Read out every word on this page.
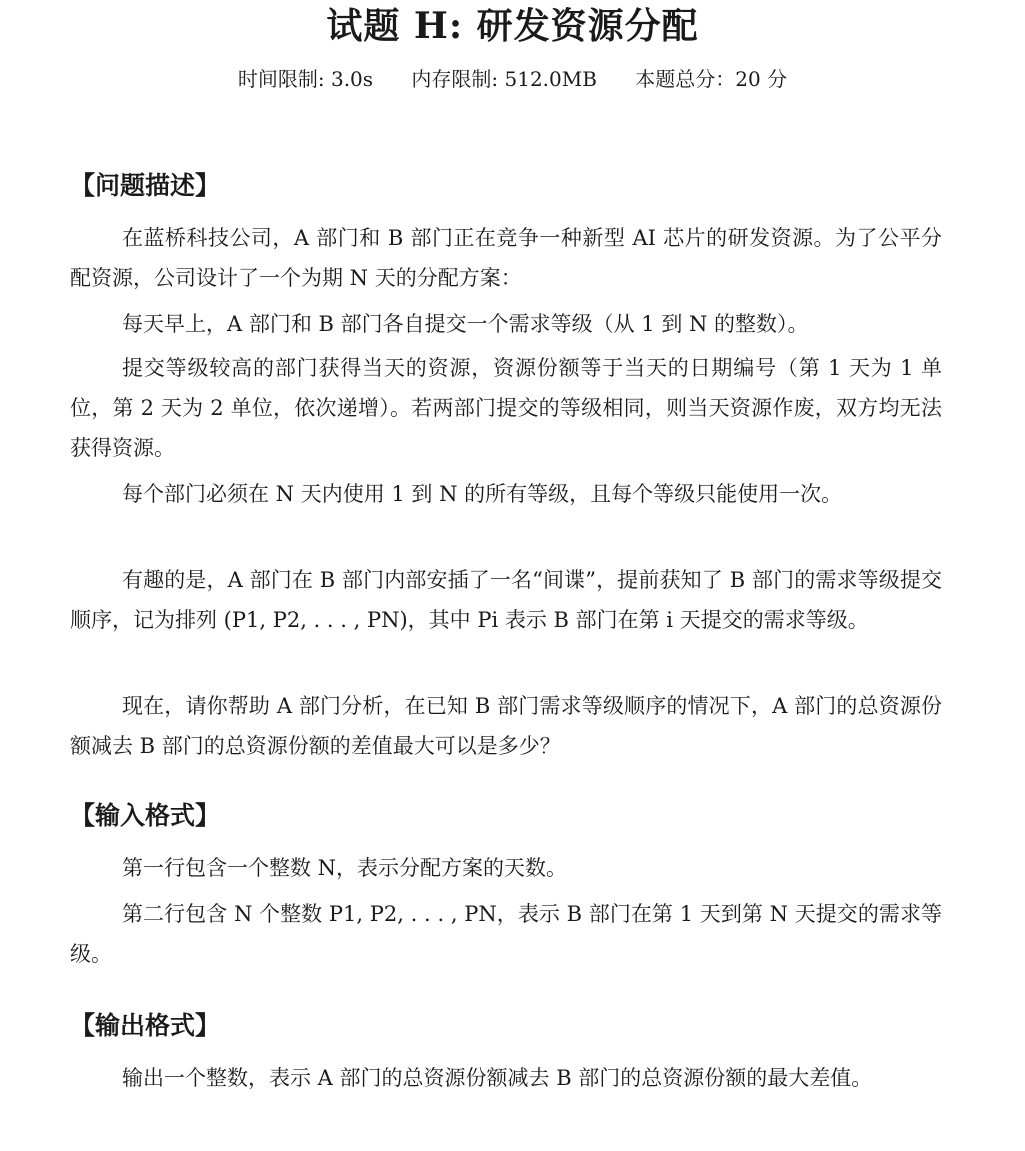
试题 H: 研发资源分配
时间限制: 3.0s 内存限制: 512.0MB 本题总分：20 分
【问题描述】
在蓝桥科技公司，A 部门和 B 部门正在竞争一种新型 AI 芯片的研发资源。为了公平分配资源，公司设计了一个为期 N 天的分配方案：
每天早上，A 部门和 B 部门各自提交一个需求等级（从 1 到 N 的整数）。
提交等级较高的部门获得当天的资源，资源份额等于当天的日期编号（第 1 天为 1 单位，第 2 天为 2 单位，依次递增）。若两部门提交的等级相同，则当天资源作废，双方均无法获得资源。
每个部门必须在 N 天内使用 1 到 N 的所有等级，且每个等级只能使用一次。
有趣的是，A 部门在 B 部门内部安插了一名“间谍”，提前获知了 B 部门的需求等级提交顺序，记为排列 (P1, P2, . . . , PN)，其中 Pi 表示 B 部门在第 i 天提交的需求等级。
现在，请你帮助 A 部门分析，在已知 B 部门需求等级顺序的情况下，A 部门的总资源份额减去 B 部门的总资源份额的差值最大可以是多少？
【输入格式】
第一行包含一个整数 N，表示分配方案的天数。
第二行包含 N 个整数 P1, P2, . . . , PN，表示 B 部门在第 1 天到第 N 天提交的需求等级。
【输出格式】
输出一个整数，表示 A 部门的总资源份额减去 B 部门的总资源份额的最大差值。
